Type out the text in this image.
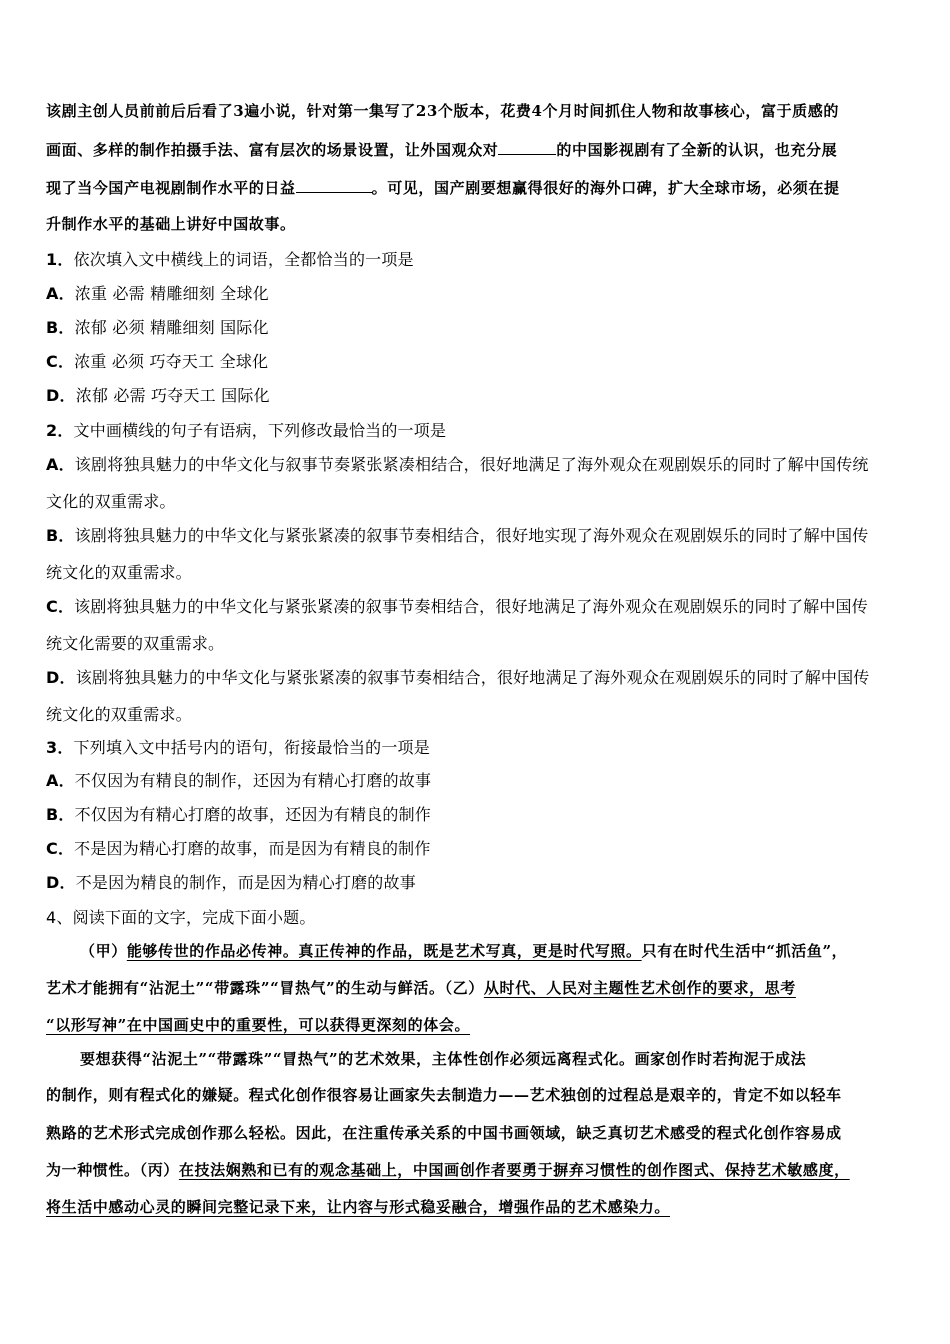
该剧主创人员前前后后看了3遍小说，针对第一集写了23个版本，花费4个月时间抓住人物和故事核心，富于质感的
画面、多样的制作拍摄手法、富有层次的场景设置，让外国观众对	的中国影视剧有了全新的认识，也充分展
现了当今国产电视剧制作水平的日益	。可见，国产剧要想赢得很好的海外口碑，扩大全球市场，必须在提
升制作水平的基础上讲好中国故事。
1．依次填入文中横线上的词语，全都恰当的一项是
A．浓重 必需 精雕细刻 全球化
B．浓郁 必须 精雕细刻 国际化
C．浓重 必须 巧夺天工 全球化
D．浓郁 必需 巧夺天工 国际化
2．文中画横线的句子有语病，下列修改最恰当的一项是
A．该剧将独具魅力的中华文化与叙事节奏紧张紧凑相结合，很好地满足了海外观众在观剧娱乐的同时了解中国传统
文化的双重需求。
B．该剧将独具魅力的中华文化与紧张紧凑的叙事节奏相结合，很好地实现了海外观众在观剧娱乐的同时了解中国传
统文化的双重需求。
C．该剧将独具魅力的中华文化与紧张紧凑的叙事节奏相结合，很好地满足了海外观众在观剧娱乐的同时了解中国传
统文化需要的双重需求。
D．该剧将独具魅力的中华文化与紧张紧凑的叙事节奏相结合，很好地满足了海外观众在观剧娱乐的同时了解中国传
统文化的双重需求。
3．下列填入文中括号内的语句，衔接最恰当的一项是
A．不仅因为有精良的制作，还因为有精心打磨的故事
B．不仅因为有精心打磨的故事，还因为有精良的制作
C．不是因为精心打磨的故事，而是因为有精良的制作
D．不是因为精良的制作，而是因为精心打磨的故事
4、阅读下面的文字，完成下面小题。
（甲）能够传世的作品必传神。真正传神的作品，既是艺术写真，更是时代写照。只有在时代生活中“抓活鱼”，
艺术才能拥有“沾泥土”“带露珠”“冒热气”的生动与鲜活。（乙）从时代、人民对主题性艺术创作的要求，思考
“以形写神”在中国画史中的重要性，可以获得更深刻的体会。
要想获得“沾泥土”“带露珠”“冒热气”的艺术效果，主体性创作必须远离程式化。画家创作时若拘泥于成法
的制作，则有程式化的嫌疑。程式化创作很容易让画家失去制造力——艺术独创的过程总是艰辛的，肯定不如以轻车
熟路的艺术形式完成创作那么轻松。因此，在注重传承关系的中国书画领域，缺乏真切艺术感受的程式化创作容易成
为一种惯性。（丙）在技法娴熟和已有的观念基础上，中国画创作者要勇于摒弃习惯性的创作图式、保持艺术敏感度，
将生活中感动心灵的瞬间完整记录下来，让内容与形式稳妥融合，增强作品的艺术感染力。
